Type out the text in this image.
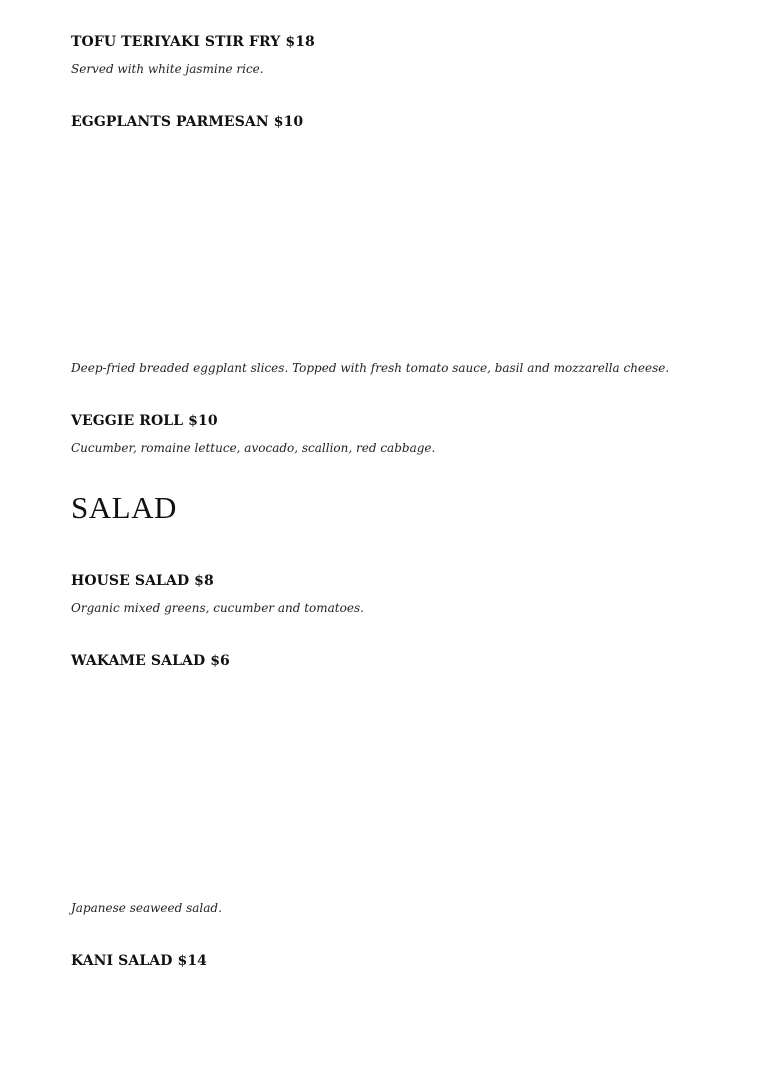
TOFU TERIYAKI STIR FRY $18
Served with white jasmine rice.
EGGPLANTS PARMESAN $10
Deep-fried breaded eggplant slices. Topped with fresh tomato sauce, basil and mozzarella cheese.
VEGGIE ROLL $10
Cucumber, romaine lettuce, avocado, scallion, red cabbage.
SALAD
HOUSE SALAD $8
Organic mixed greens, cucumber and tomatoes.
WAKAME SALAD $6
Japanese seaweed salad.
KANI SALAD $14
